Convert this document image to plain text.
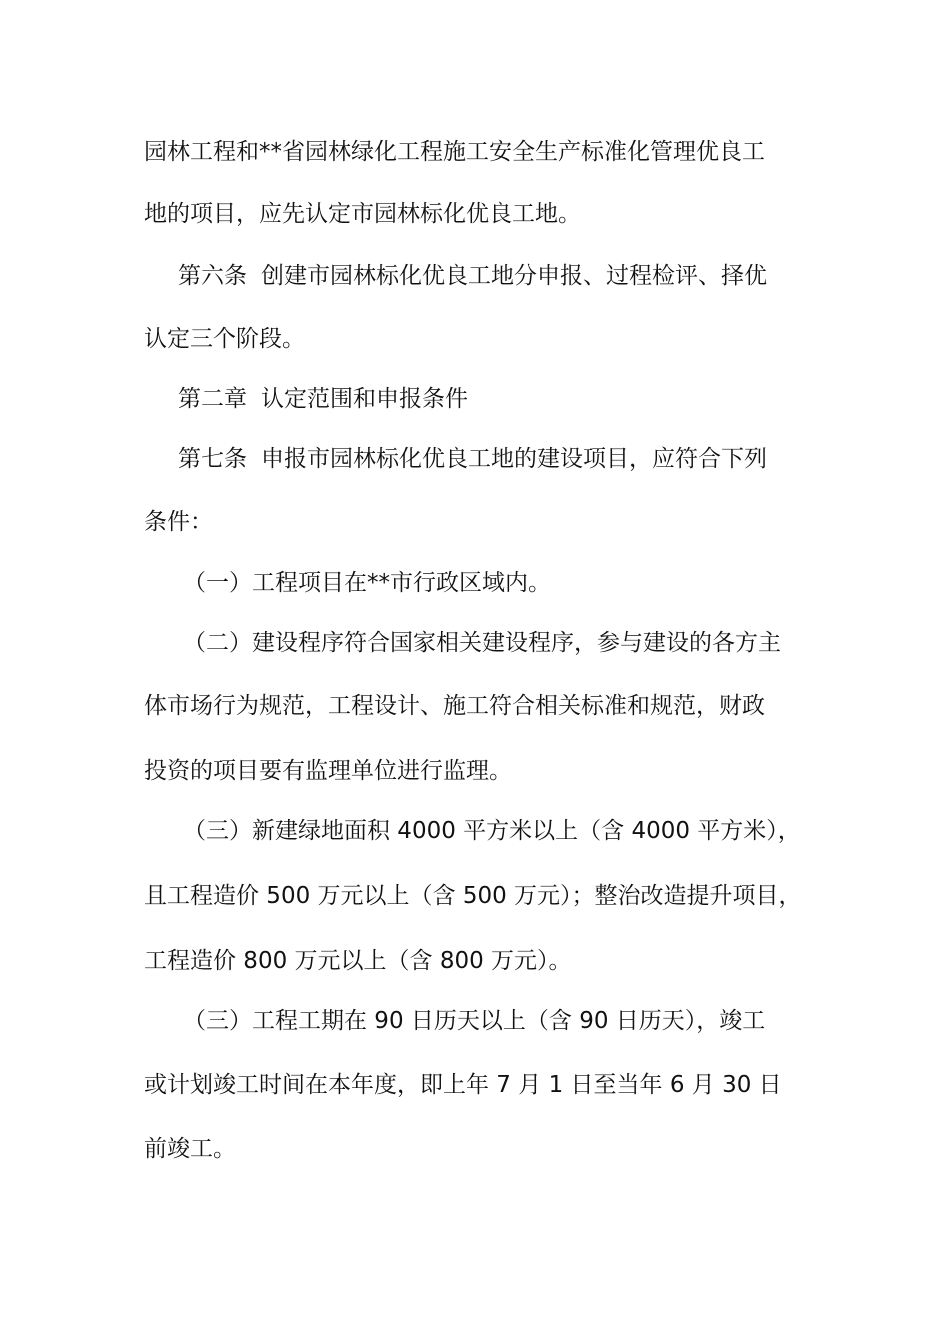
园林工程和**省园林绿化工程施工安全生产标准化管理优良工
地的项目，应先认定市园林标化优良工地。
第六条 创建市园林标化优良工地分申报、过程检评、择优
认定三个阶段。
第二章 认定范围和申报条件
第七条 申报市园林标化优良工地的建设项目，应符合下列
条件：
（一）工程项目在**市行政区域内。
（二）建设程序符合国家相关建设程序，参与建设的各方主
体市场行为规范，工程设计、施工符合相关标准和规范，财政
投资的项目要有监理单位进行监理。
（三）新建绿地面积 4000 平方米以上（含 4000 平方米），
且工程造价 500 万元以上（含 500 万元）；整治改造提升项目，
工程造价 800 万元以上（含 800 万元）。
（三）工程工期在 90 日历天以上（含 90 日历天），竣工
或计划竣工时间在本年度，即上年 7 月 1 日至当年 6 月 30 日
前竣工。
